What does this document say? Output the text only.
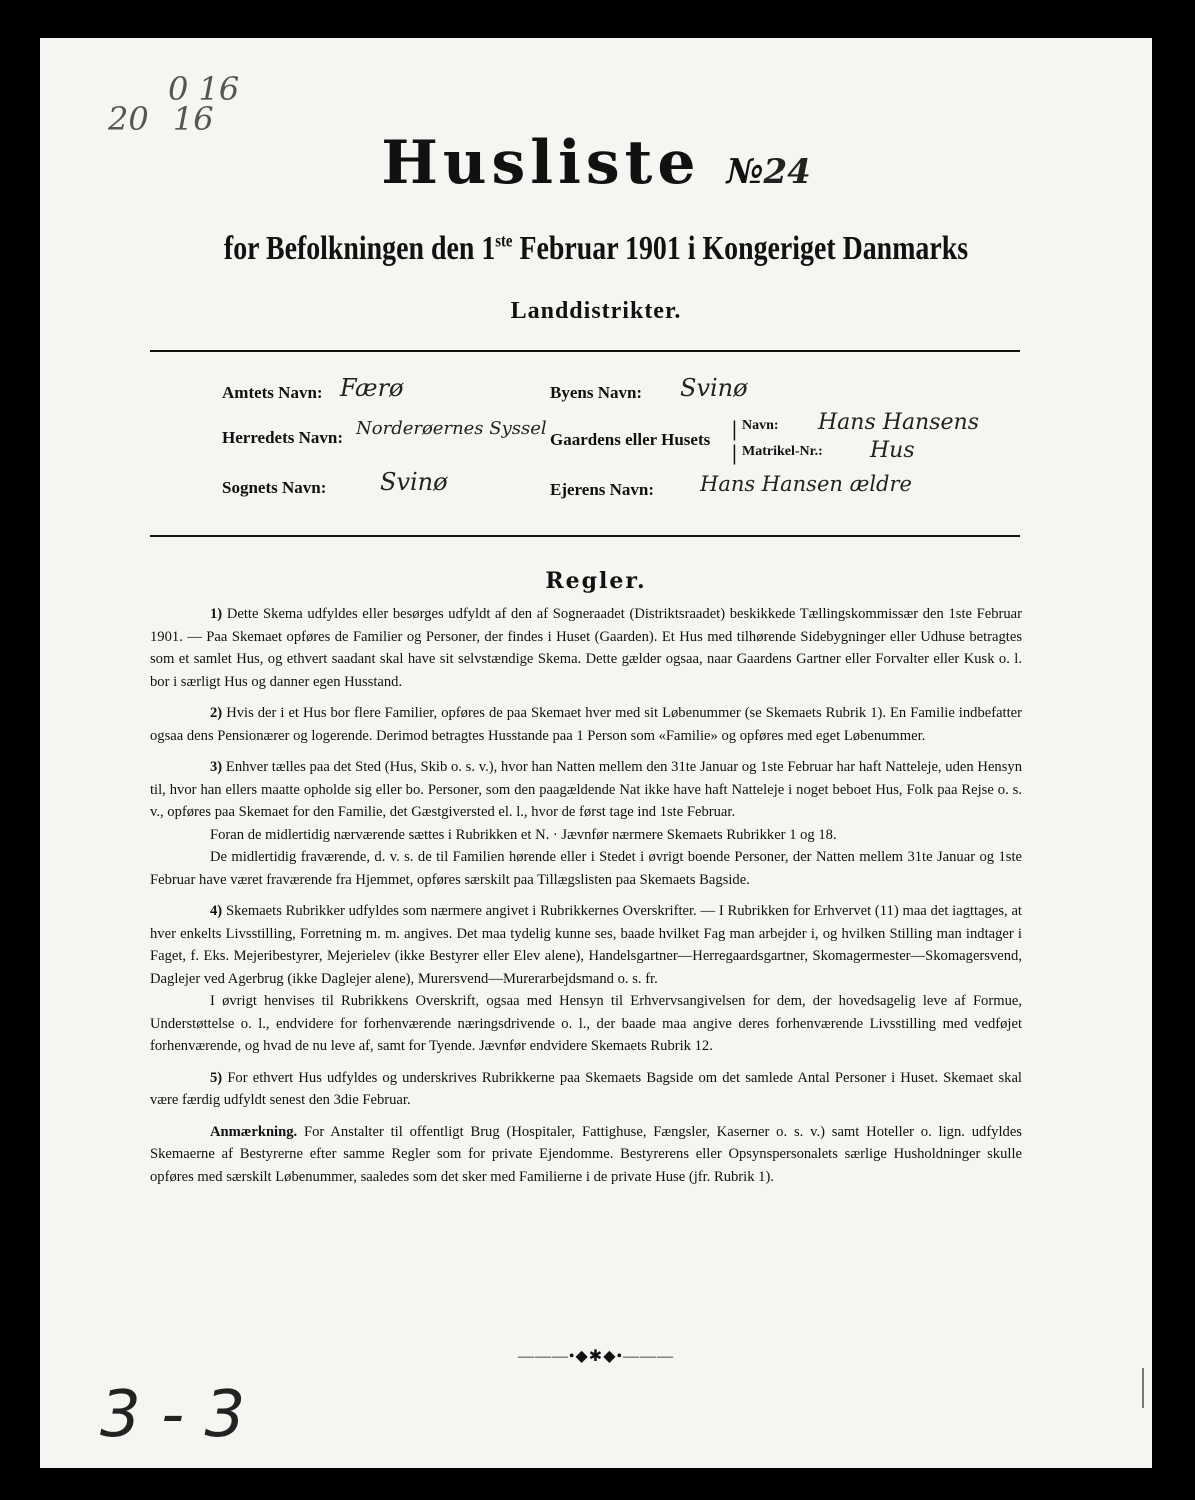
0 16
20 16
Husliste №24
for Befolkningen den 1ste Februar 1901 i Kongeriget Danmarks
Landdistrikter.
Amtets Navn: Færø	Byens Navn: Svinø
Herredets Navn: Norderøernes Syssel
Gaardens eller Husets |
|
Navn: Hans Hansens
Matrikel-Nr.: Hus
Sognets Navn: Svinø	Ejerens Navn: Hans Hansen ældre
Regler.

1) Dette Skema udfyldes eller besørges udfyldt af den af Sogneraadet (Distriktsraadet) beskikkede Tællingskommissær den 1ste Februar 1901. — Paa Skemaet opføres de Familier og Personer, der findes i Huset (Gaarden). Et Hus med tilhørende Sidebygninger eller Udhuse betragtes som et samlet Hus, og ethvert saadant skal have sit selvstændige Skema. Dette gælder ogsaa, naar Gaardens Gartner eller Forvalter eller Kusk o. l. bor i særligt Hus og danner egen Husstand.

2) Hvis der i et Hus bor flere Familier, opføres de paa Skemaet hver med sit Løbenummer (se Skemaets Rubrik 1). En Familie indbefatter ogsaa dens Pensionærer og logerende. Derimod betragtes Husstande paa 1 Person som «Familie» og opføres med eget Løbenummer.

3) Enhver tælles paa det Sted (Hus, Skib o. s. v.), hvor han Natten mellem den 31te Januar og 1ste Februar har haft Natteleje, uden Hensyn til, hvor han ellers maatte opholde sig eller bo. Personer, som den paagældende Nat ikke have haft Natteleje i noget beboet Hus, Folk paa Rejse o. s. v., opføres paa Skemaet for den Familie, det Gæstgiversted el. l., hvor de først tage ind 1ste Februar.

Foran de midlertidig nærværende sættes i Rubrikken et N. · Jævnfør nærmere Skemaets Rubrikker 1 og 18.

De midlertidig fraværende, d. v. s. de til Familien hørende eller i Stedet i øvrigt boende Personer, der Natten mellem 31te Januar og 1ste Februar have været fraværende fra Hjemmet, opføres særskilt paa Tillægslisten paa Skemaets Bagside.

4) Skemaets Rubrikker udfyldes som nærmere angivet i Rubrikkernes Overskrifter. — I Rubrikken for Erhvervet (11) maa det iagttages, at hver enkelts Livsstilling, Forretning m. m. angives. Det maa tydelig kunne ses, baade hvilket Fag man arbejder i, og hvilken Stilling man indtager i Faget, f. Eks. Mejeribestyrer, Mejerielev (ikke Bestyrer eller Elev alene), Handelsgartner—Herregaardsgartner, Skomagermester—Skomagersvend, Daglejer ved Agerbrug (ikke Daglejer alene), Murersvend—Murerarbejdsmand o. s. fr.

I øvrigt henvises til Rubrikkens Overskrift, ogsaa med Hensyn til Erhvervsangivelsen for dem, der hovedsagelig leve af Formue, Understøttelse o. l., endvidere for forhenværende næringsdrivende o. l., der baade maa angive deres forhenværende Livsstilling med vedføjet forhenværende, og hvad de nu leve af, samt for Tyende. Jævnfør endvidere Skemaets Rubrik 12.

5) For ethvert Hus udfyldes og underskrives Rubrikkerne paa Skemaets Bagside om det samlede Antal Personer i Huset. Skemaet skal være færdig udfyldt senest den 3die Februar.

Anmærkning. For Anstalter til offentligt Brug (Hospitaler, Fattighuse, Fængsler, Kaserner o. s. v.) samt Hoteller o. lign. udfyldes Skemaerne af Bestyrerne efter samme Regler som for private Ejendomme. Bestyrerens eller Opsynspersonalets særlige Husholdninger skulle opføres med særskilt Løbenummer, saaledes som det sker med Familierne i de private Huse (jfr. Rubrik 1).

———•◆✱◆•———
3 - 3
